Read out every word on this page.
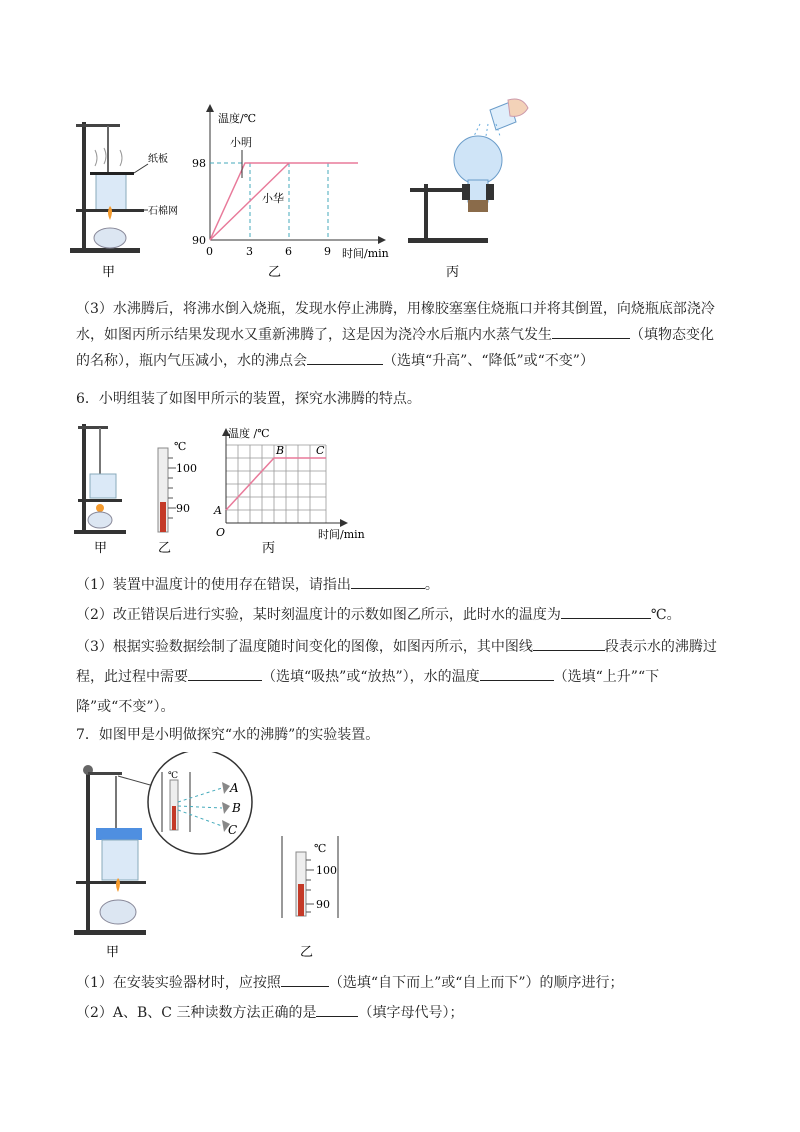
纸板
石棉网
甲
温度/℃
小明
小华
98
90
0	3	6	9 时间/min
乙	丙
（3）水沸腾后，将沸水倒入烧瓶，发现水停止沸腾，用橡胶塞塞住烧瓶口并将其倒置，向烧瓶底部浇冷
水，如图丙所示结果发现水又重新沸腾了，这是因为浇冷水后瓶内水蒸气发生	（填物态变化
的名称），瓶内气压减小，水的沸点会	（选填“升高”、“降低”或“不变”）
6．小明组装了如图甲所示的装置，探究水沸腾的特点。
甲
℃
100
90
乙
温度 /℃
A
B	C
O	时间/min
丙
（1）装置中温度计的使用存在错误，请指出	。
（2）改正错误后进行实验，某时刻温度计的示数如图乙所示，此时水的温度为	℃。
（3）根据实验数据绘制了温度随时间变化的图像，如图丙所示，其中图线	段表示水的沸腾过
程，此过程中需要	（选填“吸热”或“放热”），水的温度	（选填“上升”“下
降”或“不变”）。
7．如图甲是小明做探究“水的沸腾”的实验装置。
甲
℃
A
B
C
℃
100
90
乙
（1）在安装实验器材时，应按照	（选填“自下而上”或“自上而下”）的顺序进行；
（2）A、B、C 三种读数方法正确的是	（填字母代号）；
